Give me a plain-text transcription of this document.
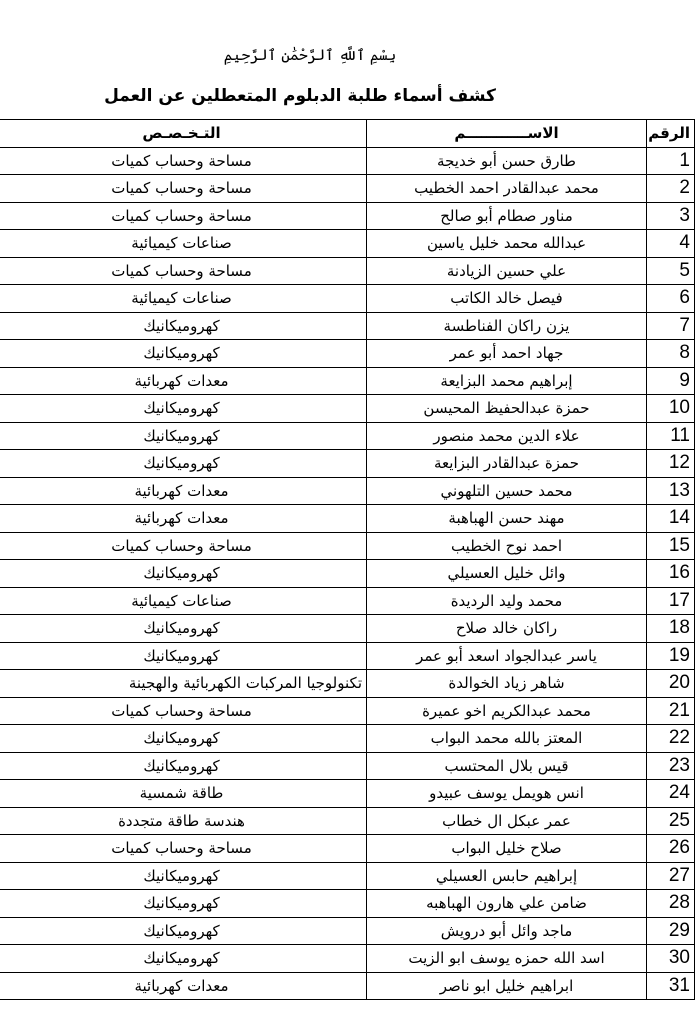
بِسْمِ ٱللَّهِ ٱلرَّحْمَٰنِ ٱلرَّحِيمِ
كشف أسماء طلبة الدبلوم المتعطلين عن العمل
الرقم	الاســــــــــــم	التـخـصـص
1	طارق حسن أبو خديجة	مساحة وحساب كميات
2	محمد عبدالقادر احمد الخطيب	مساحة وحساب كميات
3	مناور صطام أبو صالح	مساحة وحساب كميات
4	عبدالله محمد خليل ياسين	صناعات كيميائية
5	علي حسين الزيادنة	مساحة وحساب كميات
6	فيصل خالد الكاتب	صناعات كيميائية
7	يزن راكان الفناطسة	كهروميكانيك
8	جهاد احمد أبو عمر	كهروميكانيك
9	إبراهيم محمد البزايعة	معدات كهربائية
10	حمزة عبدالحفيظ المحيسن	كهروميكانيك
11	علاء الدين محمد منصور	كهروميكانيك
12	حمزة عبدالقادر البزايعة	كهروميكانيك
13	محمد حسين التلهوني	معدات كهربائية
14	مهند حسن الهباهبة	معدات كهربائية
15	احمد نوح الخطيب	مساحة وحساب كميات
16	وائل خليل العسيلي	كهروميكانيك
17	محمد وليد الرديدة	صناعات كيميائية
18	راكان خالد صلاح	كهروميكانيك
19	ياسر عبدالجواد اسعد أبو عمر	كهروميكانيك
20	شاهر زياد الخوالدة	تكنولوجيا المركبات الكهربائية والهجينة
21	محمد عبدالكريم اخو عميرة	مساحة وحساب كميات
22	المعتز بالله محمد البواب	كهروميكانيك
23	قيس بلال المحتسب	كهروميكانيك
24	انس هويمل يوسف عبيدو	طاقة شمسية
25	عمر عبكل ال خطاب	هندسة طاقة متجددة
26	صلاح خليل البواب	مساحة وحساب كميات
27	إبراهيم حابس العسيلي	كهروميكانيك
28	ضامن علي هارون الهباهبه	كهروميكانيك
29	ماجد وائل أبو درويش	كهروميكانيك
30	اسد الله حمزه يوسف ابو الزيت	كهروميكانيك
31	ابراهيم خليل ابو ناصر	معدات كهربائية
